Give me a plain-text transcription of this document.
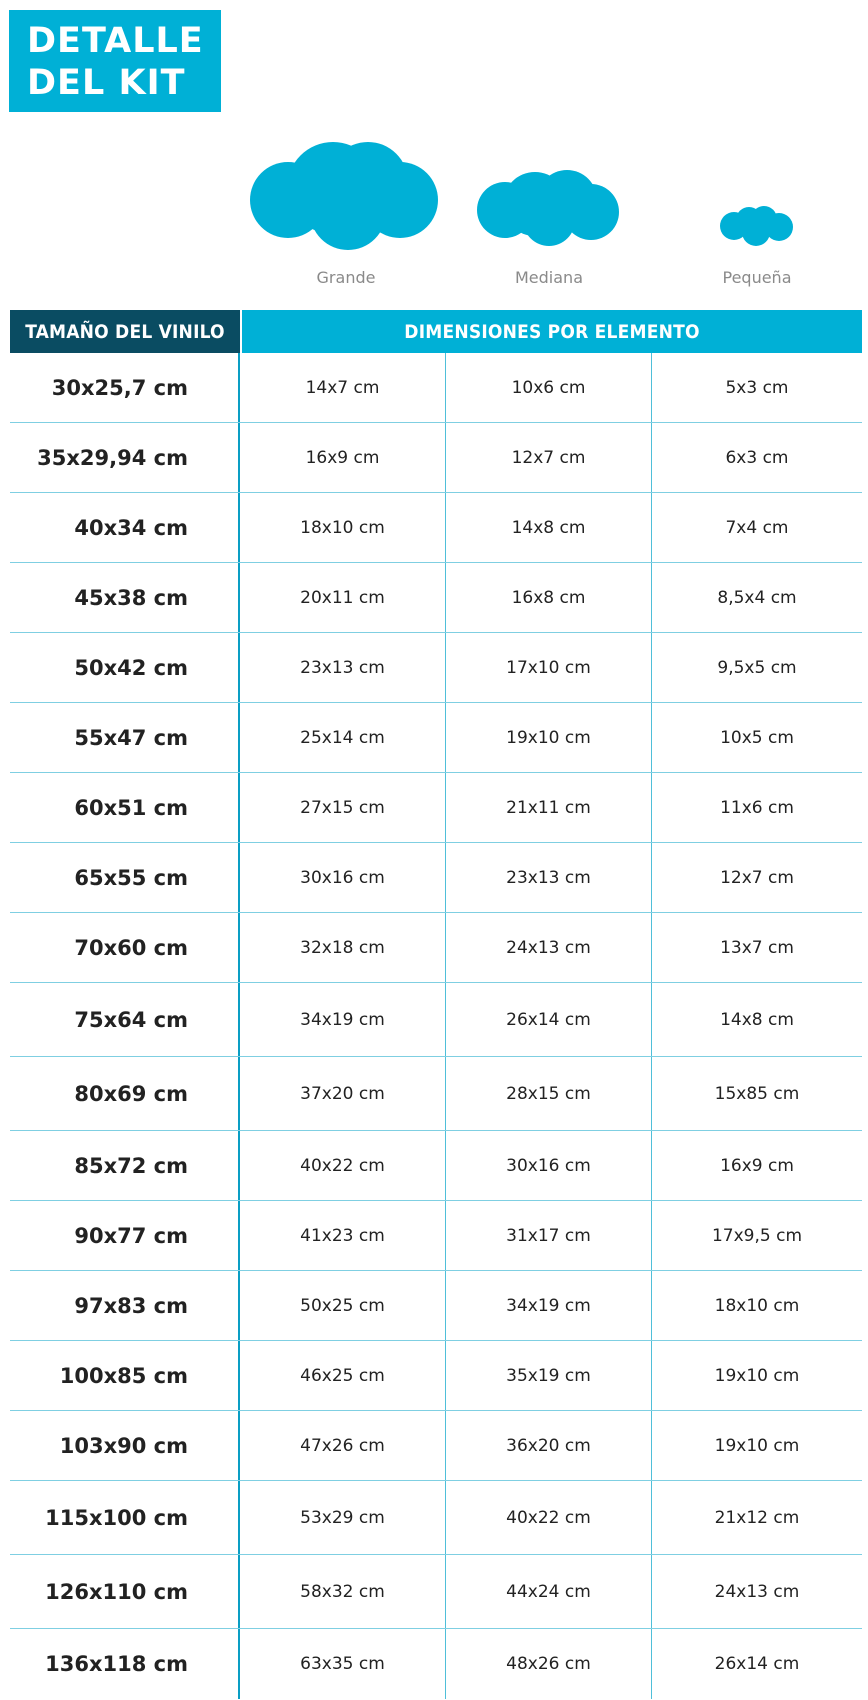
DETALLE
DEL KIT
Grande	Mediana	Pequeña
TAMAÑO DEL VINILO	DIMENSIONES POR ELEMENTO
30x25,7 cm	14x7 cm	10x6 cm	5x3 cm
35x29,94 cm	16x9 cm	12x7 cm	6x3 cm
40x34 cm	18x10 cm	14x8 cm	7x4 cm
45x38 cm	20x11 cm	16x8 cm	8,5x4 cm
50x42 cm	23x13 cm	17x10 cm	9,5x5 cm
55x47 cm	25x14 cm	19x10 cm	10x5 cm
60x51 cm	27x15 cm	21x11 cm	11x6 cm
65x55 cm	30x16 cm	23x13 cm	12x7 cm
70x60 cm	32x18 cm	24x13 cm	13x7 cm
75x64 cm	34x19 cm	26x14 cm	14x8 cm
80x69 cm	37x20 cm	28x15 cm	15x85 cm
85x72 cm	40x22 cm	30x16 cm	16x9 cm
90x77 cm	41x23 cm	31x17 cm	17x9,5 cm
97x83 cm	50x25 cm	34x19 cm	18x10 cm
100x85 cm	46x25 cm	35x19 cm	19x10 cm
103x90 cm	47x26 cm	36x20 cm	19x10 cm
115x100 cm	53x29 cm	40x22 cm	21x12 cm
126x110 cm	58x32 cm	44x24 cm	24x13 cm
136x118 cm	63x35 cm	48x26 cm	26x14 cm
